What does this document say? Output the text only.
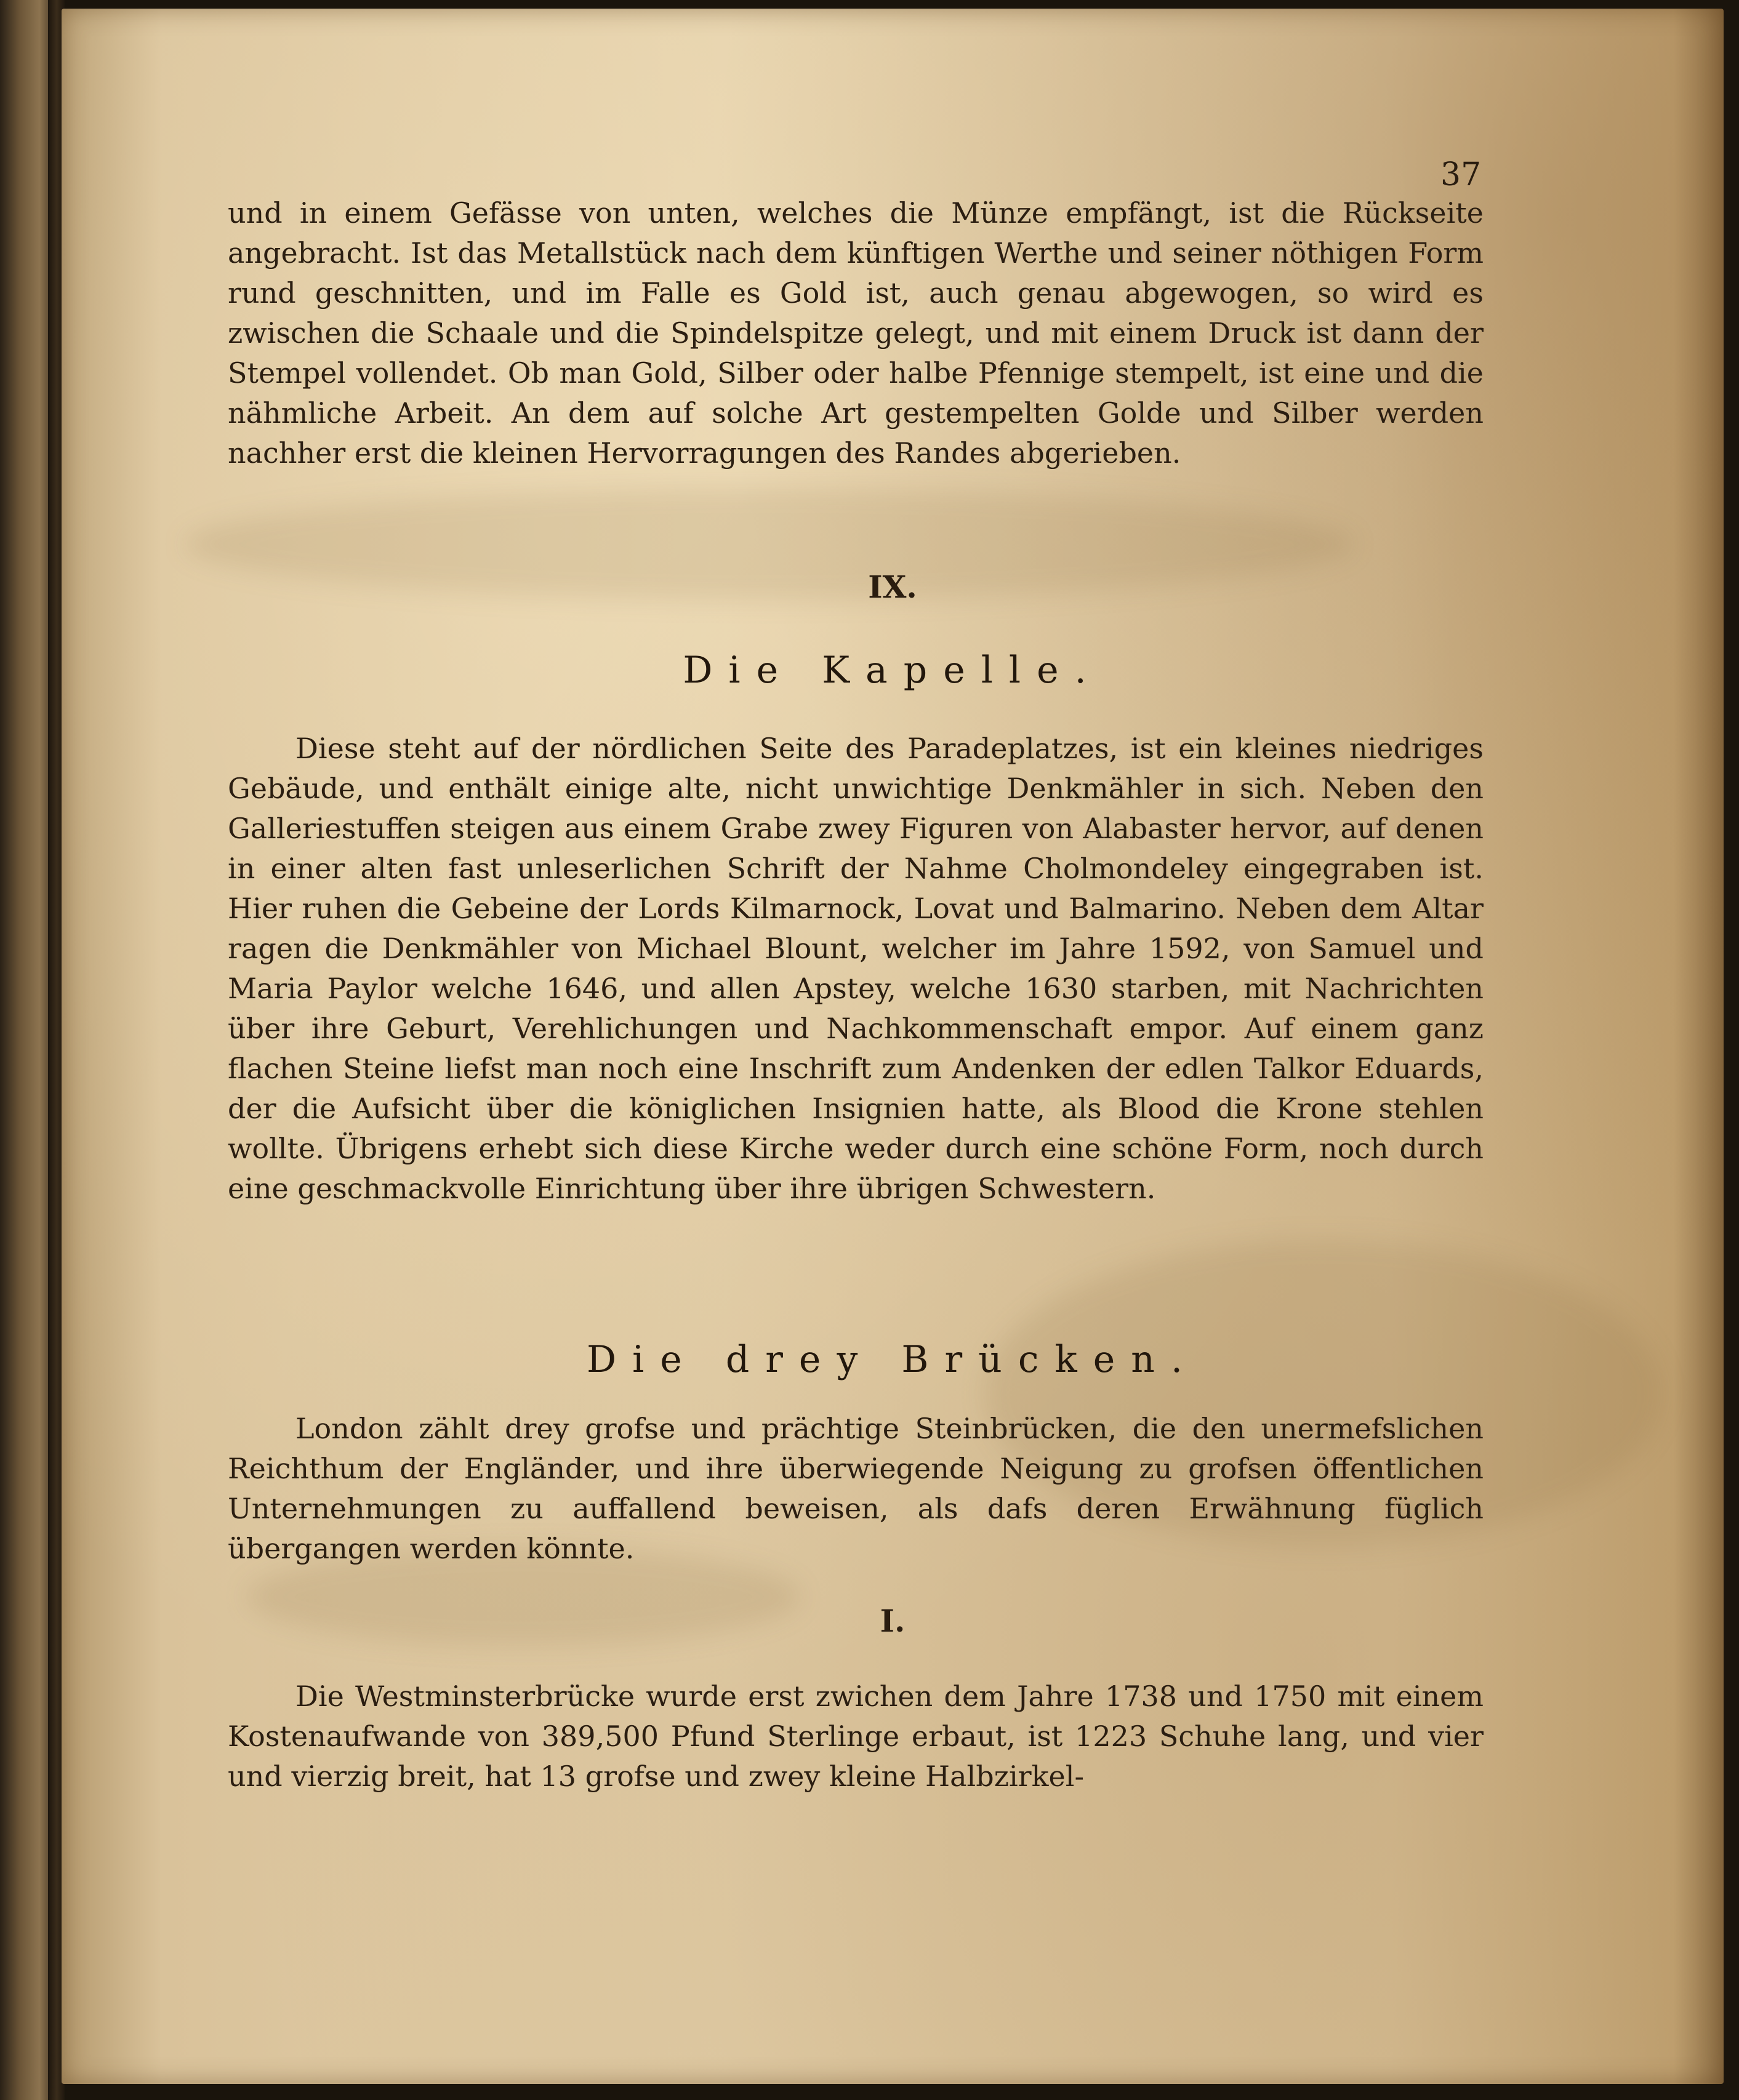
37

und in einem Gefässe von unten, welches die Münze empfängt, ist die Rückseite angebracht. Ist das Metallstück nach dem künftigen Werthe und seiner nöthigen Form rund geschnitten, und im Falle es Gold ist, auch genau abgewogen, so wird es zwischen die Schaale und die Spindelspitze gelegt, und mit einem Druck ist dann der Stempel vollendet. Ob man Gold, Silber oder halbe Pfennige stempelt, ist eine und die nähmliche Arbeit. An dem auf solche Art gestempelten Golde und Silber werden nachher erst die kleinen Hervorragungen des Randes abgerieben.

IX.
Die Kapelle.

Diese steht auf der nördlichen Seite des Paradeplatzes, ist ein kleines niedriges Gebäude, und enthält einige alte, nicht unwichtige Denkmähler in sich. Neben den Galleriestuffen steigen aus einem Grabe zwey Figuren von Alabaster hervor, auf denen in einer alten fast unleserlichen Schrift der Nahme Cholmondeley eingegraben ist. Hier ruhen die Gebeine der Lords Kilmarnock, Lovat und Balmarino. Neben dem Altar ragen die Denkmähler von Michael Blount, welcher im Jahre 1592, von Samuel und Maria Paylor welche 1646, und allen Apstey, welche 1630 starben, mit Nachrichten über ihre Geburt, Verehlichungen und Nachkommenschaft empor. Auf einem ganz flachen Steine liefst man noch eine Inschrift zum Andenken der edlen Talkor Eduards, der die Aufsicht über die königlichen Insignien hatte, als Blood die Krone stehlen wollte. Übrigens erhebt sich diese Kirche weder durch eine schöne Form, noch durch eine geschmackvolle Einrichtung über ihre übrigen Schwestern.

Die drey Brücken.

London zählt drey grofse und prächtige Steinbrücken, die den unermefslichen Reichthum der Engländer, und ihre überwiegende Neigung zu grofsen öffentlichen Unternehmungen zu auffallend beweisen, als dafs deren Erwähnung füglich übergangen werden könnte.

I.

Die Westminsterbrücke wurde erst zwichen dem Jahre 1738 und 1750 mit einem Kostenaufwande von 389,500 Pfund Sterlinge erbaut, ist 1223 Schuhe lang, und vier und vierzig breit, hat 13 grofse und zwey kleine Halbzirkel-
